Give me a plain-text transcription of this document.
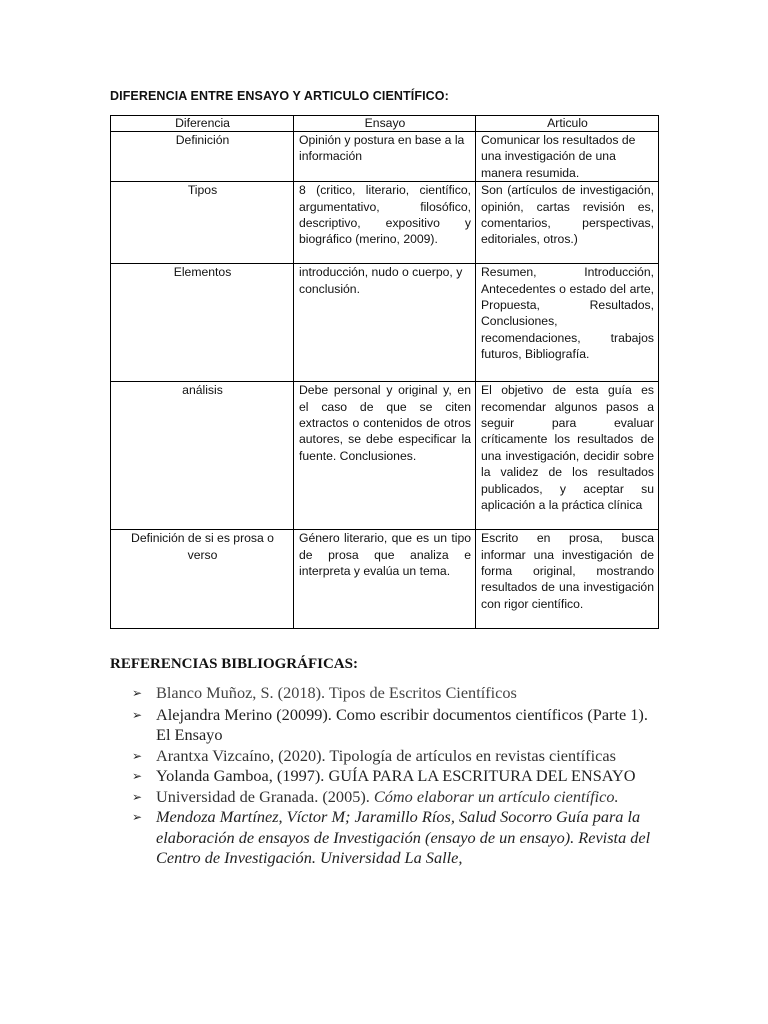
DIFERENCIA ENTRE ENSAYO Y ARTICULO CIENTÍFICO:
Diferencia	Ensayo	Articulo
Definición	Opinión y postura en base a la información	Comunicar los resultados de una investigación de una manera resumida.
Tipos	8 (critico, literario, científico, argumentativo, filosófico, descriptivo, expositivo y biográfico (merino, 2009).	Son (artículos de investigación, opinión, cartas revisión es, comentarios, perspectivas, editoriales, otros.)
Elementos	introducción, nudo o cuerpo, y conclusión.	Resumen, Introducción, Antecedentes o estado del arte, Propuesta, Resultados, Conclusiones, recomendaciones, trabajos futuros, Bibliografía.
análisis	Debe personal y original y, en el caso de que se citen extractos o contenidos de otros autores, se debe especificar la fuente. Conclusiones.	El objetivo de esta guía es recomendar algunos pasos a seguir para evaluar críticamente los resultados de una investigación, decidir sobre la validez de los resultados publicados, y aceptar su aplicación a la práctica clínica
Definición de si es prosa o verso	Género literario, que es un tipo de prosa que analiza e interpreta y evalúa un tema.	Escrito en prosa, busca informar una investigación de forma original, mostrando resultados de una investigación con rigor científico.
REFERENCIAS BIBLIOGRÁFICAS:
➢ Blanco Muñoz, S. (2018). Tipos de Escritos Científicos
➢ Alejandra Merino (20099). Como escribir documentos científicos (Parte 1). El Ensayo
➢ Arantxa Vizcaíno, (2020). Tipología de artículos en revistas científicas
➢ Yolanda Gamboa, (1997). GUÍA PARA LA ESCRITURA DEL ENSAYO
➢ Universidad de Granada. (2005). Cómo elaborar un artículo científico.
➢ Mendoza Martínez, Víctor M; Jaramillo Ríos, Salud Socorro Guía para la elaboración de ensayos de Investigación (ensayo de un ensayo). Revista del Centro de Investigación. Universidad La Salle,
